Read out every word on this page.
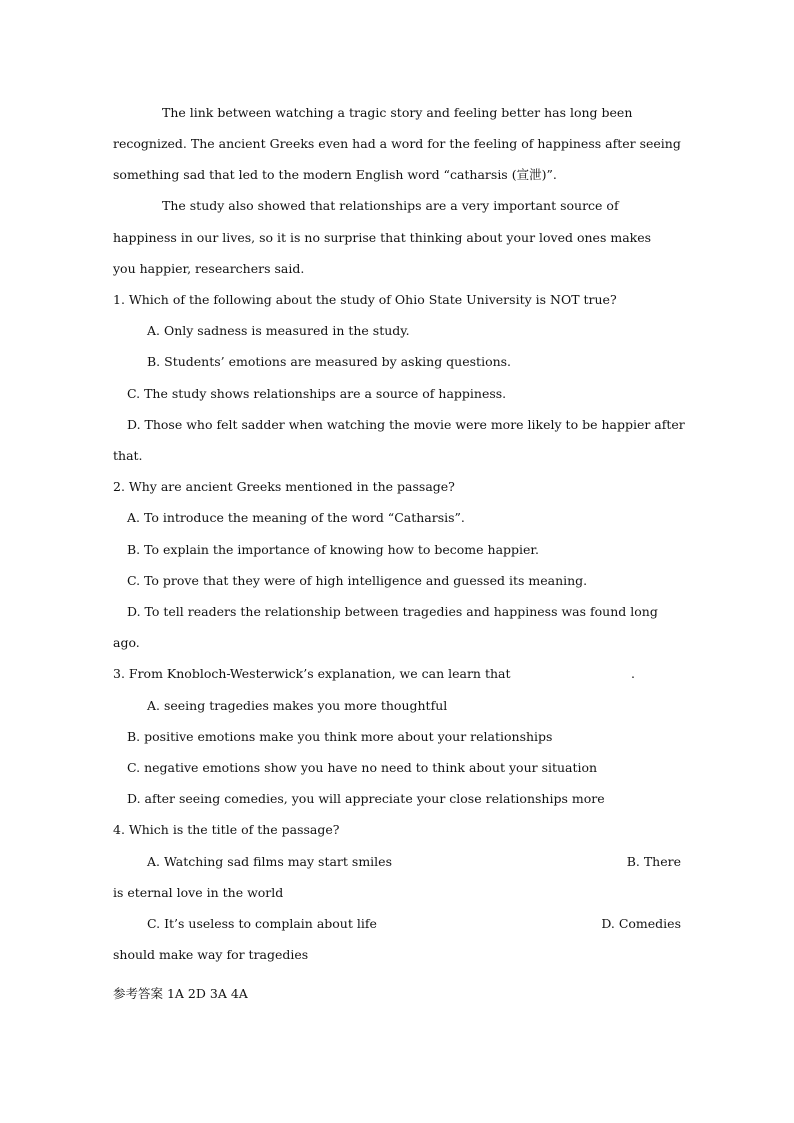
The link between watching a tragic story and feeling better has long been
recognized. The ancient Greeks even had a word for the feeling of happiness after seeing
something sad that led to the modern English word “catharsis (宣泄)”.
The study also showed that relationships are a very important source of
happiness in our lives, so it is no surprise that thinking about your loved ones makes
you happier, researchers said.
1. Which of the following about the study of Ohio State University is NOT true?
A. Only sadness is measured in the study.
B. Students’ emotions are measured by asking questions.
C. The study shows relationships are a source of happiness.
D. Those who felt sadder when watching the movie were more likely to be happier after
that.
2. Why are ancient Greeks mentioned in the passage?
A. To introduce the meaning of the word “Catharsis”.
B. To explain the importance of knowing how to become happier.
C. To prove that they were of high intelligence and guessed its meaning.
D. To tell readers the relationship between tragedies and happiness was found long
ago.
3. From Knobloch-Westerwick’s explanation, we can learn that	.
A. seeing tragedies makes you more thoughtful
B. positive emotions make you think more about your relationships
C. negative emotions show you have no need to think about your situation
D. after seeing comedies, you will appreciate your close relationships more
4. Which is the title of the passage?
A. Watching sad films may start smiles	B. There
is eternal love in the world
C. It’s useless to complain about life	D. Comedies
should make way for tragedies
参考答案 1A 2D 3A 4A
